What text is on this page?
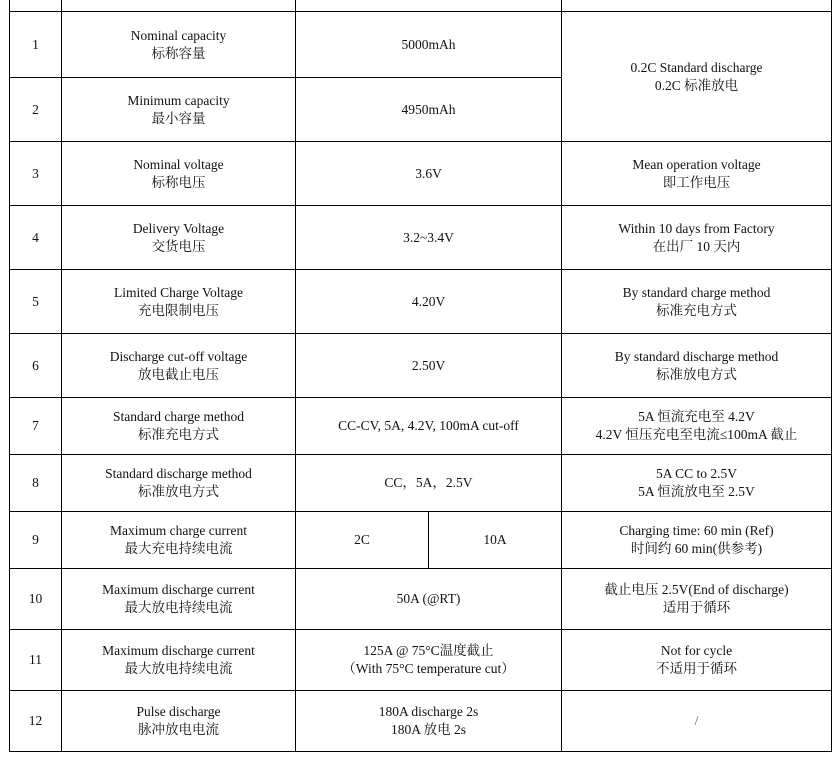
1	Nominal capacity
标称容量	5000mAh		0.2C Standard discharge
0.2C 标准放电

2	Minimum capacity
最小容量	4950mAh		
3	Nominal voltage
标称电压	3.6V		Mean operation voltage
即工作电压

4	Delivery Voltage
交货电压	3.2~3.4V		Within 10 days from Factory
在出厂 10 天内

5	Limited Charge Voltage
充电限制电压	4.20V		By standard charge method
标准充电方式

6	Discharge cut-off voltage
放电截止电压	2.50V		By standard discharge method
标准放电方式

7	Standard charge method
标准充电方式	CC-CV, 5A, 4.2V, 100mA cut-off		5A 恒流充电至 4.2V
4.2V 恒压充电至电流≤100mA 截止

8	Standard discharge method
标准放电方式	CC，5A，2.5V		5A CC to 2.5V
5A 恒流放电至 2.5V

9	Maximum charge current
最大充电持续电流	2C	10A	Charging time: 60 min (Ref)
时间约 60 min(供参考)

10	Maximum discharge current
最大放电持续电流	50A (@RT)		截止电压 2.5V(End of discharge)
适用于循环

11	Maximum discharge current
最大放电持续电流	125A @ 75°C温度截止
（With 75°C temperature cut）		Not for cycle
不适用于循环

12	Pulse discharge
脉冲放电电流	180A discharge 2s
180A 放电 2s		/
